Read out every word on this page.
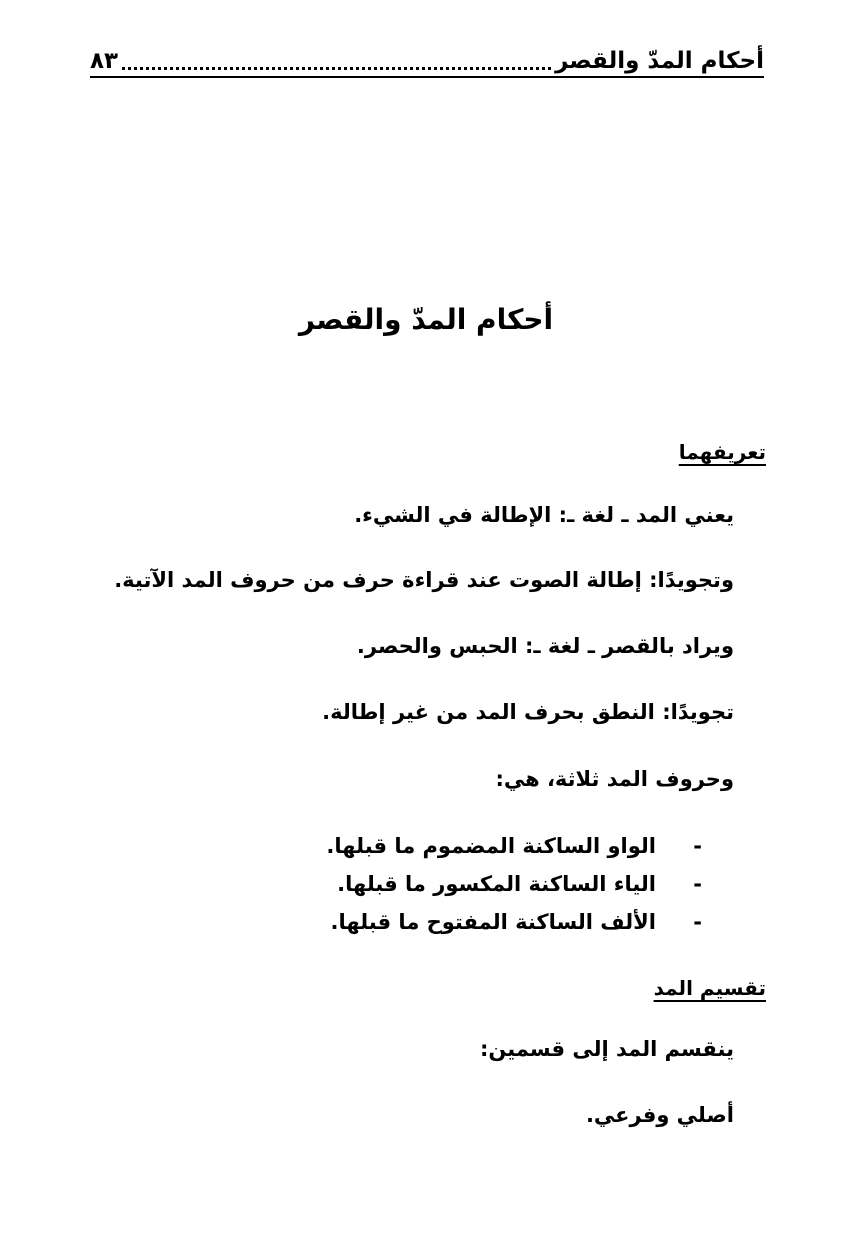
أحكام المدّ والقصر
٨٣
أحكام المدّ والقصر
تعريفهما
يعني المد ـ لغة ـ: الإطالة في الشيء.
وتجويدًا: إطالة الصوت عند قراءة حرف من حروف المد الآتية.
ويراد بالقصر ـ لغة ـ: الحبس والحصر.
تجويدًا: النطق بحرف المد من غير إطالة.
وحروف المد ثلاثة، هي:
-
الواو الساكنة المضموم ما قبلها.
-
الياء الساكنة المكسور ما قبلها.
-
الألف الساكنة المفتوح ما قبلها.
تقسيم المد
ينقسم المد إلى قسمين:
أصلي وفرعي.
